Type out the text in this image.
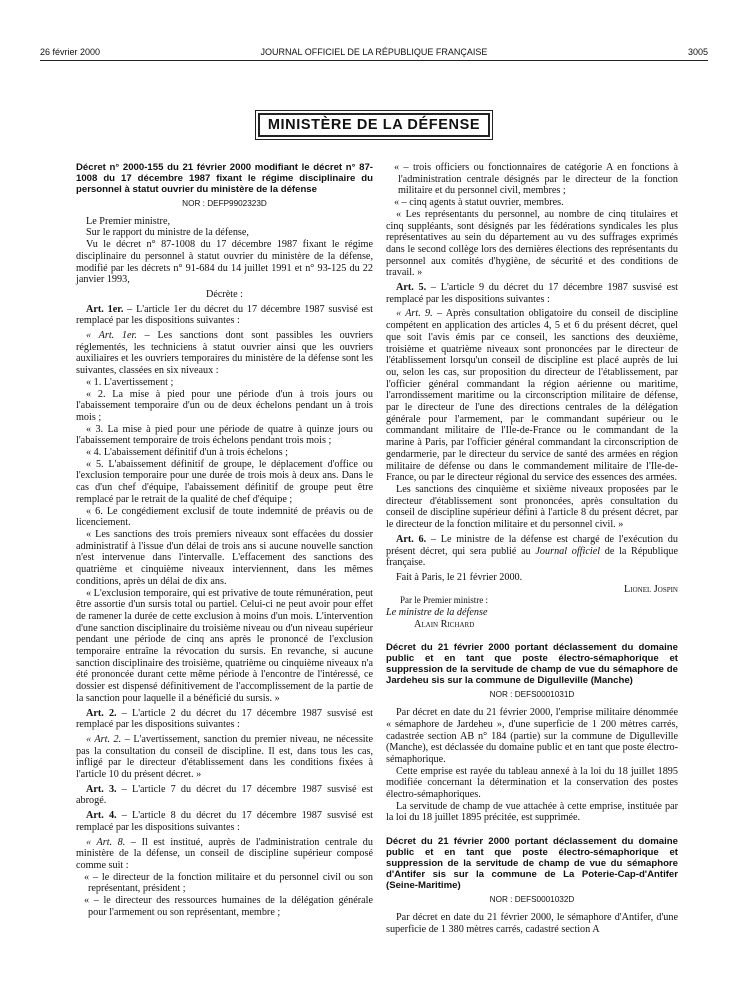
26 février 2000	JOURNAL OFFICIEL DE LA RÉPUBLIQUE FRANÇAISE	3005
MINISTÈRE DE LA DÉFENSE

Décret n° 2000-155 du 21 février 2000 modifiant le décret n° 87-1008 du 17 décembre 1987 fixant le régime disciplinaire du personnel à statut ouvrier du ministère de la défense

NOR : DEFP9902323D

Le Premier ministre,

Sur le rapport du ministre de la défense,

Vu le décret n° 87-1008 du 17 décembre 1987 fixant le régime disciplinaire du personnel à statut ouvrier du ministère de la défense, modifié par les décrets n° 91-684 du 14 juillet 1991 et n° 93-125 du 22 janvier 1993,

Décrète :

Art. 1er. – L'article 1er du décret du 17 décembre 1987 susvisé est remplacé par les dispositions suivantes :

« Art. 1er. – Les sanctions dont sont passibles les ouvriers réglementés, les techniciens à statut ouvrier ainsi que les ouvriers auxiliaires et les ouvriers temporaires du ministère de la défense sont les suivantes, classées en six niveaux :

« 1. L'avertissement ;

« 2. La mise à pied pour une période d'un à trois jours ou l'abaissement temporaire d'un ou de deux échelons pendant un à trois mois ;

« 3. La mise à pied pour une période de quatre à quinze jours ou l'abaissement temporaire de trois échelons pendant trois mois ;

« 4. L'abaissement définitif d'un à trois échelons ;

« 5. L'abaissement définitif de groupe, le déplacement d'office ou l'exclusion temporaire pour une durée de trois mois à deux ans. Dans le cas d'un chef d'équipe, l'abaissement définitif de groupe peut être remplacé par le retrait de la qualité de chef d'équipe ;

« 6. Le congédiement exclusif de toute indemnité de préavis ou de licenciement.

« Les sanctions des trois premiers niveaux sont effacées du dossier administratif à l'issue d'un délai de trois ans si aucune nouvelle sanction n'est intervenue dans l'intervalle. L'effacement des sanctions des quatrième et cinquième niveaux interviennent, dans les mêmes conditions, après un délai de dix ans.

« L'exclusion temporaire, qui est privative de toute rémunération, peut être assortie d'un sursis total ou partiel. Celui-ci ne peut avoir pour effet de ramener la durée de cette exclusion à moins d'un mois. L'intervention d'une sanction disciplinaire du troisième niveau ou d'un niveau supérieur pendant une période de cinq ans après le prononcé de l'exclusion temporaire entraîne la révocation du sursis. En revanche, si aucune sanction disciplinaire des troisième, quatrième ou cinquième niveaux n'a été prononcée durant cette même période à l'encontre de l'intéressé, ce dossier est dispensé définitivement de l'accomplissement de la partie de la sanction pour laquelle il a bénéficié du sursis. »

Art. 2. – L'article 2 du décret du 17 décembre 1987 susvisé est remplacé par les dispositions suivantes :

« Art. 2. – L'avertissement, sanction du premier niveau, ne nécessite pas la consultation du conseil de discipline. Il est, dans tous les cas, infligé par le directeur d'établissement dans les conditions fixées à l'article 10 du présent décret. »

Art. 3. – L'article 7 du décret du 17 décembre 1987 susvisé est abrogé.

Art. 4. – L'article 8 du décret du 17 décembre 1987 susvisé est remplacé par les dispositions suivantes :

« Art. 8. – Il est institué, auprès de l'administration centrale du ministère de la défense, un conseil de discipline supérieur composé comme suit :

« – le directeur de la fonction militaire et du personnel civil ou son représentant, président ;

« – le directeur des ressources humaines de la délégation générale pour l'armement ou son représentant, membre ;

« – trois officiers ou fonctionnaires de catégorie A en fonctions à l'administration centrale désignés par le directeur de la fonction militaire et du personnel civil, membres ;

« – cinq agents à statut ouvrier, membres.

« Les représentants du personnel, au nombre de cinq titulaires et cinq suppléants, sont désignés par les fédérations syndicales les plus représentatives au sein du département au vu des suffrages exprimés dans le second collège lors des dernières élections des représentants du personnel aux comités d'hygiène, de sécurité et des conditions de travail. »

Art. 5. – L'article 9 du décret du 17 décembre 1987 susvisé est remplacé par les dispositions suivantes :

« Art. 9. – Après consultation obligatoire du conseil de discipline compétent en application des articles 4, 5 et 6 du présent décret, quel que soit l'avis émis par ce conseil, les sanctions des deuxième, troisième et quatrième niveaux sont prononcées par le directeur de l'établissement lorsqu'un conseil de discipline est placé auprès de lui ou, selon les cas, sur proposition du directeur de l'établissement, par l'officier général commandant la région aérienne ou maritime, l'arrondissement maritime ou la circonscription militaire de défense, par le directeur de l'une des directions centrales de la délégation générale pour l'armement, par le commandant supérieur ou le commandant militaire de l'Ile-de-France ou le commandant de la marine à Paris, par l'officier général commandant la circonscription de gendarmerie, par le directeur du service de santé des armées en région militaire de défense ou dans le commandement militaire de l'Ile-de-France, ou par le directeur régional du service des essences des armées.

Les sanctions des cinquième et sixième niveaux proposées par le directeur d'établissement sont prononcées, après consultation du conseil de discipline supérieur défini à l'article 8 du présent décret, par le directeur de la fonction militaire et du personnel civil. »

Art. 6. – Le ministre de la défense est chargé de l'exécution du présent décret, qui sera publié au Journal officiel de la République française.

Fait à Paris, le 21 février 2000.

Lionel Jospin

Par le Premier ministre :

Le ministre de la défense

Alain Richard

Décret du 21 février 2000 portant déclassement du domaine public et en tant que poste électro-sémaphorique et suppression de la servitude de champ de vue du sémaphore de Jardeheu sis sur la commune de Digulleville (Manche)

NOR : DEFS0001031D

Par décret en date du 21 février 2000, l'emprise militaire dénommée « sémaphore de Jardeheu », d'une superficie de 1 200 mètres carrés, cadastrée section AB n° 184 (partie) sur la commune de Digulleville (Manche), est déclassée du domaine public et en tant que poste électro-sémaphorique.

Cette emprise est rayée du tableau annexé à la loi du 18 juillet 1895 modifiée concernant la détermination et la conservation des postes électro-sémaphoriques.

La servitude de champ de vue attachée à cette emprise, instituée par la loi du 18 juillet 1895 précitée, est supprimée.

Décret du 21 février 2000 portant déclassement du domaine public et en tant que poste électro-sémaphorique et suppression de la servitude de champ de vue du sémaphore d'Antifer sis sur la commune de La Poterie-Cap-d'Antifer (Seine-Maritime)

NOR : DEFS0001032D

Par décret en date du 21 février 2000, le sémaphore d'Antifer, d'une superficie de 1 380 mètres carrés, cadastré section A
